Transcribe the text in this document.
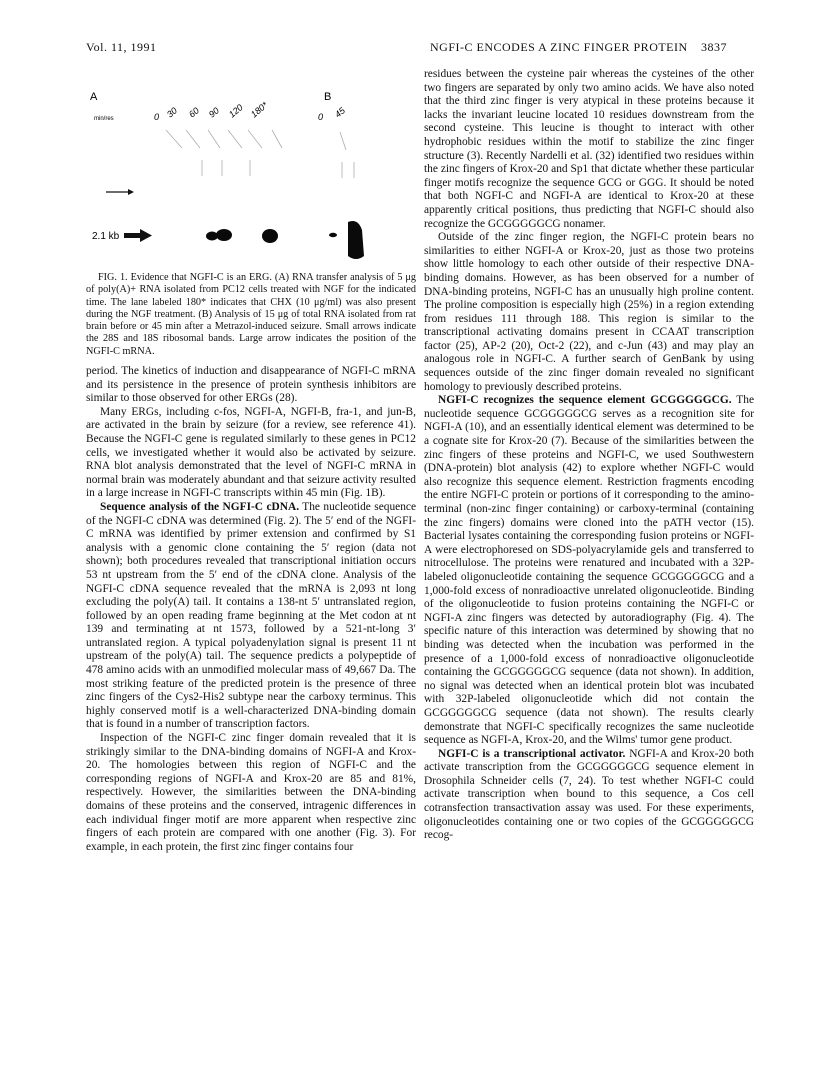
Vol. 11, 1991	NGFI-C ENCODES A ZINC FINGER PROTEIN 3837
A	B
min/res	0 30 60 90 120 180*	0 45
2.1 kb

FIG. 1. Evidence that NGFI-C is an ERG. (A) RNA transfer analysis of 5 μg of poly(A)+ RNA isolated from PC12 cells treated with NGF for the indicated time. The lane labeled 180* indicates that CHX (10 μg/ml) was also present during the NGF treatment. (B) Analysis of 15 μg of total RNA isolated from rat brain before or 45 min after a Metrazol-induced seizure. Small arrows indicate the 28S and 18S ribosomal bands. Large arrow indicates the position of the NGFI-C mRNA.

period. The kinetics of induction and disappearance of NGFI-C mRNA and its persistence in the presence of protein synthesis inhibitors are similar to those observed for other ERGs (28).

Many ERGs, including c-fos, NGFI-A, NGFI-B, fra-1, and jun-B, are activated in the brain by seizure (for a review, see reference 41). Because the NGFI-C gene is regulated similarly to these genes in PC12 cells, we investigated whether it would also be activated by seizure. RNA blot analysis demonstrated that the level of NGFI-C mRNA in normal brain was moderately abundant and that seizure activity resulted in a large increase in NGFI-C transcripts within 45 min (Fig. 1B).

Sequence analysis of the NGFI-C cDNA. The nucleotide sequence of the NGFI-C cDNA was determined (Fig. 2). The 5′ end of the NGFI-C mRNA was identified by primer extension and confirmed by S1 analysis with a genomic clone containing the 5′ region (data not shown); both procedures revealed that transcriptional initiation occurs 53 nt upstream from the 5′ end of the cDNA clone. Analysis of the NGFI-C cDNA sequence revealed that the mRNA is 2,093 nt long excluding the poly(A) tail. It contains a 138-nt 5′ untranslated region, followed by an open reading frame beginning at the Met codon at nt 139 and terminating at nt 1573, followed by a 521-nt-long 3′ untranslated region. A typical polyadenylation signal is present 11 nt upstream of the poly(A) tail. The sequence predicts a polypeptide of 478 amino acids with an unmodified molecular mass of 49,667 Da. The most striking feature of the predicted protein is the presence of three zinc fingers of the Cys2-His2 subtype near the carboxy terminus. This highly conserved motif is a well-characterized DNA-binding domain that is found in a number of transcription factors.

Inspection of the NGFI-C zinc finger domain revealed that it is strikingly similar to the DNA-binding domains of NGFI-A and Krox-20. The homologies between this region of NGFI-C and the corresponding regions of NGFI-A and Krox-20 are 85 and 81%, respectively. However, the similarities between the DNA-binding domains of these proteins and the conserved, intragenic differences in each individual finger motif are more apparent when respective zinc fingers of each protein are compared with one another (Fig. 3). For example, in each protein, the first zinc finger contains four

residues between the cysteine pair whereas the cysteines of the other two fingers are separated by only two amino acids. We have also noted that the third zinc finger is very atypical in these proteins because it lacks the invariant leucine located 10 residues downstream from the second cysteine. This leucine is thought to interact with other hydrophobic residues within the motif to stabilize the zinc finger structure (3). Recently Nardelli et al. (32) identified two residues within the zinc fingers of Krox-20 and Sp1 that dictate whether these particular finger motifs recognize the sequence GCG or GGG. It should be noted that both NGFI-C and NGFI-A are identical to Krox-20 at these apparently critical positions, thus predicting that NGFI-C should also recognize the GCGGGGGCG nonamer.

Outside of the zinc finger region, the NGFI-C protein bears no similarities to either NGFI-A or Krox-20, just as those two proteins show little homology to each other outside of their respective DNA-binding domains. However, as has been observed for a number of DNA-binding proteins, NGFI-C has an unusually high proline content. The proline composition is especially high (25%) in a region extending from residues 111 through 188. This region is similar to the transcriptional activating domains present in CCAAT transcription factor (25), AP-2 (20), Oct-2 (22), and c-Jun (43) and may play an analogous role in NGFI-C. A further search of GenBank by using sequences outside of the zinc finger domain revealed no significant homology to previously described proteins.

NGFI-C recognizes the sequence element GCGGGGGCG. The nucleotide sequence GCGGGGGCG serves as a recognition site for NGFI-A (10), and an essentially identical element was determined to be a cognate site for Krox-20 (7). Because of the similarities between the zinc fingers of these proteins and NGFI-C, we used Southwestern (DNA-protein) blot analysis (42) to explore whether NGFI-C would also recognize this sequence element. Restriction fragments encoding the entire NGFI-C protein or portions of it corresponding to the amino-terminal (non-zinc finger containing) or carboxy-terminal (containing the zinc fingers) domains were cloned into the pATH vector (15). Bacterial lysates containing the corresponding fusion proteins or NGFI-A were electrophoresed on SDS-polyacrylamide gels and transferred to nitrocellulose. The proteins were renatured and incubated with a 32P-labeled oligonucleotide containing the sequence GCGGGGGCG and a 1,000-fold excess of nonradioactive unrelated oligonucleotide. Binding of the oligonucleotide to fusion proteins containing the NGFI-C or NGFI-A zinc fingers was detected by autoradiography (Fig. 4). The specific nature of this interaction was determined by showing that no binding was detected when the incubation was performed in the presence of a 1,000-fold excess of nonradioactive oligonucleotide containing the GCGGGGGCG sequence (data not shown). In addition, no signal was detected when an identical protein blot was incubated with 32P-labeled oligonucleotide which did not contain the GCGGGGGCG sequence (data not shown). The results clearly demonstrate that NGFI-C specifically recognizes the same nucleotide sequence as NGFI-A, Krox-20, and the Wilms' tumor gene product.

NGFI-C is a transcriptional activator. NGFI-A and Krox-20 both activate transcription from the GCGGGGGCG sequence element in Drosophila Schneider cells (7, 24). To test whether NGFI-C could activate transcription when bound to this sequence, a Cos cell cotransfection transactivation assay was used. For these experiments, oligonucleotides containing one or two copies of the GCGGGGGCG recog-
